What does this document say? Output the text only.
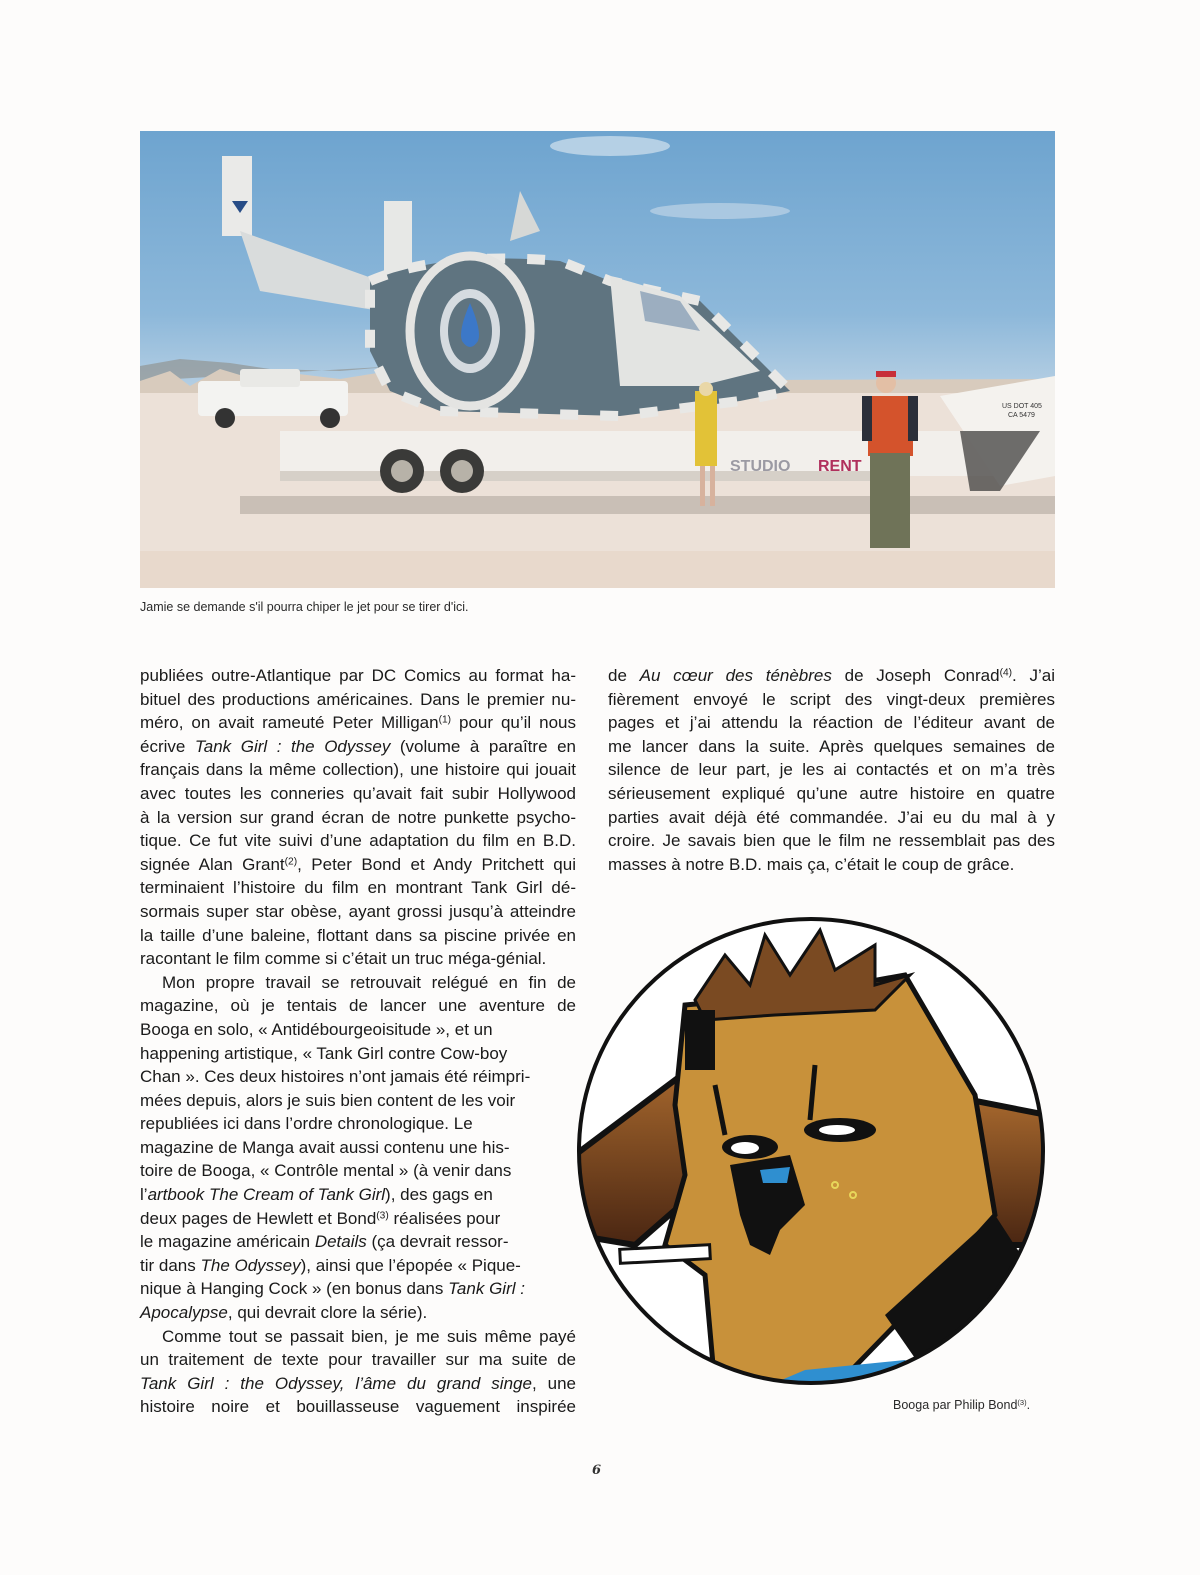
STUDIO RENT
US DOT 405
CA 5479
Jamie se demande s'il pourra chiper le jet pour se tirer d'ici.
publiées outre-Atlantique par DC Comics au format ha-
bituel des productions américaines. Dans le premier nu-
méro, on avait rameuté Peter Milligan$^{(1)}$ pour qu’il nous
écrive Tank Girl : the Odyssey (volume à paraître en
français dans la même collection), une histoire qui jouait
avec toutes les conneries qu’avait fait subir Hollywood
à la version sur grand écran de notre punkette psycho-
tique. Ce fut vite suivi d’une adaptation du film en B.D.
signée Alan Grant$^{(2)}$, Peter Bond et Andy Pritchett qui
terminaient l’histoire du film en montrant Tank Girl dé-
sormais super star obèse, ayant grossi jusqu’à atteindre
la taille d’une baleine, flottant dans sa piscine privée en
racontant le film comme si c’était un truc méga-génial.
Mon propre travail se retrouvait relégué en fin de
magazine, où je tentais de lancer une aventure de
Booga en solo, « Antidébourgeoisitude », et un
happening artistique, « Tank Girl contre Cow-boy
Chan ». Ces deux histoires n’ont jamais été réimpri-
mées depuis, alors je suis bien content de les voir
republiées ici dans l’ordre chronologique. Le
magazine de Manga avait aussi contenu une his-
toire de Booga, « Contrôle mental » (à venir dans
l’artbook The Cream of Tank Girl), des gags en
deux pages de Hewlett et Bond$^{(3)}$ réalisées pour
le magazine américain Details (ça devrait ressor-
tir dans The Odyssey), ainsi que l’épopée « Pique-
nique à Hanging Cock » (en bonus dans Tank Girl :
Apocalypse, qui devrait clore la série).
Comme tout se passait bien, je me suis même payé
un traitement de texte pour travailler sur ma suite de
Tank Girl : the Odyssey, l’âme du grand singe, une
histoire noire et bouillasseuse vaguement inspirée
de Au cœur des ténèbres de Joseph Conrad$^{(4)}$. J’ai
fièrement envoyé le script des vingt-deux premières
pages et j’ai attendu la réaction de l’éditeur avant de
me lancer dans la suite. Après quelques semaines de
silence de leur part, je les ai contactés et on m’a très
sérieusement expliqué qu’une autre histoire en quatre
parties avait déjà été commandée. J’ai eu du mal à y
croire. Je savais bien que le film ne ressemblait pas des
masses à notre B.D. mais ça, c’était le coup de grâce.
Booga par Philip Bond$^{(3)}$.
6
